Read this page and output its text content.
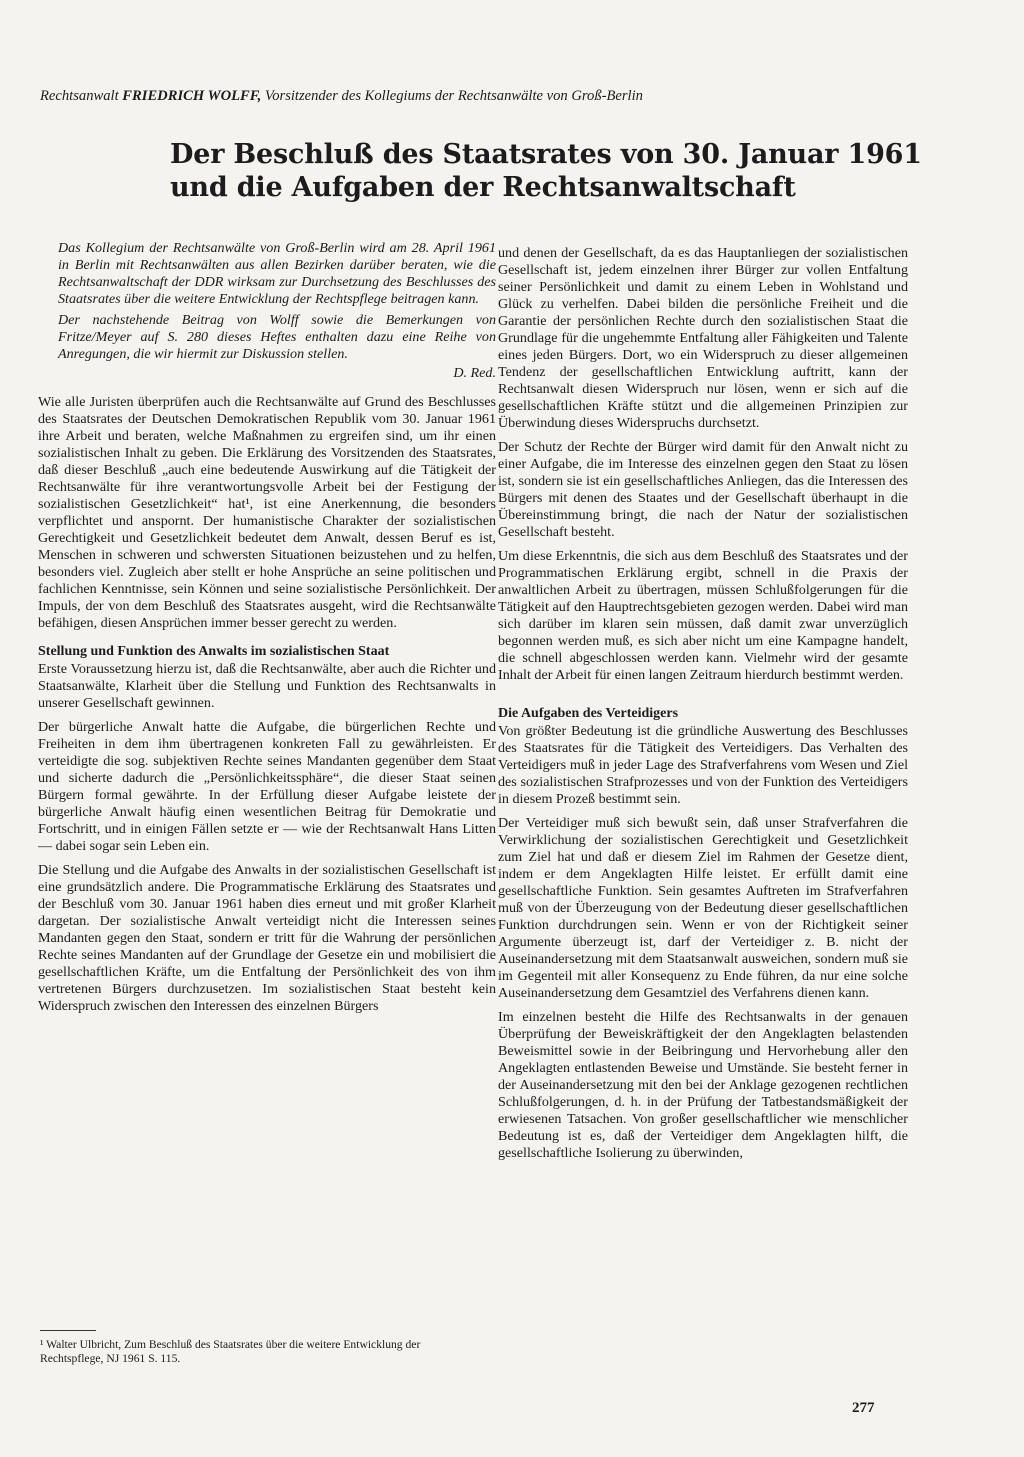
Rechtsanwalt FRIEDRICH WOLFF, Vorsitzender des Kollegiums der Rechtsanwälte von Groß-Berlin
Der Beschluß des Staatsrates von 30. Januar 1961
und die Aufgaben der Rechtsanwaltschaft

Das Kollegium der Rechtsanwälte von Groß-Berlin wird am 28. April 1961 in Berlin mit Rechtsanwälten aus allen Bezirken darüber beraten, wie die Rechtsanwaltschaft der DDR wirksam zur Durchsetzung des Beschlusses des Staatsrates über die weitere Entwicklung der Rechtspflege beitragen kann.

Der nachstehende Beitrag von Wolff sowie die Bemerkungen von Fritze/Meyer auf S. 280 dieses Heftes enthalten dazu eine Reihe von Anregungen, die wir hiermit zur Diskussion stellen.

D. Red.

Wie alle Juristen überprüfen auch die Rechtsanwälte auf Grund des Beschlusses des Staatsrates der Deutschen Demokratischen Republik vom 30. Januar 1961 ihre Arbeit und beraten, welche Maßnahmen zu ergreifen sind, um ihr einen sozialistischen Inhalt zu geben. Die Erklärung des Vorsitzenden des Staatsrates, daß dieser Beschluß „auch eine bedeutende Auswirkung auf die Tätigkeit der Rechtsanwälte für ihre verantwortungsvolle Arbeit bei der Festigung der sozialistischen Gesetzlichkeit“ hat¹, ist eine Anerkennung, die besonders verpflichtet und anspornt. Der humanistische Charakter der sozialistischen Gerechtigkeit und Gesetzlichkeit bedeutet dem Anwalt, dessen Beruf es ist, Menschen in schweren und schwersten Situationen beizustehen und zu helfen, besonders viel. Zugleich aber stellt er hohe Ansprüche an seine politischen und fachlichen Kenntnisse, sein Können und seine sozialistische Persönlichkeit. Der Impuls, der von dem Beschluß des Staatsrates ausgeht, wird die Rechtsanwälte befähigen, diesen Ansprüchen immer besser gerecht zu werden.

Stellung und Funktion des Anwalts im sozialistischen Staat

Erste Voraussetzung hierzu ist, daß die Rechtsanwälte, aber auch die Richter und Staatsanwälte, Klarheit über die Stellung und Funktion des Rechtsanwalts in unserer Gesellschaft gewinnen.

Der bürgerliche Anwalt hatte die Aufgabe, die bürgerlichen Rechte und Freiheiten in dem ihm übertragenen konkreten Fall zu gewährleisten. Er verteidigte die sog. subjektiven Rechte seines Mandanten gegenüber dem Staat und sicherte dadurch die „Persönlichkeitssphäre“, die dieser Staat seinen Bürgern formal gewährte. In der Erfüllung dieser Aufgabe leistete der bürgerliche Anwalt häufig einen wesentlichen Beitrag für Demokratie und Fortschritt, und in einigen Fällen setzte er — wie der Rechtsanwalt Hans Litten — dabei sogar sein Leben ein.

Die Stellung und die Aufgabe des Anwalts in der sozialistischen Gesellschaft ist eine grundsätzlich andere. Die Programmatische Erklärung des Staatsrates und der Beschluß vom 30. Januar 1961 haben dies erneut und mit großer Klarheit dargetan. Der sozialistische Anwalt verteidigt nicht die Interessen seines Mandanten gegen den Staat, sondern er tritt für die Wahrung der persönlichen Rechte seines Mandanten auf der Grundlage der Gesetze ein und mobilisiert die gesellschaftlichen Kräfte, um die Entfaltung der Persönlichkeit des von ihm vertretenen Bürgers durchzusetzen. Im sozialistischen Staat besteht kein Widerspruch zwischen den Interessen des einzelnen Bürgers

und denen der Gesellschaft, da es das Hauptanliegen der sozialistischen Gesellschaft ist, jedem einzelnen ihrer Bürger zur vollen Entfaltung seiner Persönlichkeit und damit zu einem Leben in Wohlstand und Glück zu verhelfen. Dabei bilden die persönliche Freiheit und die Garantie der persönlichen Rechte durch den sozialistischen Staat die Grundlage für die ungehemmte Entfaltung aller Fähigkeiten und Talente eines jeden Bürgers. Dort, wo ein Widerspruch zu dieser allgemeinen Tendenz der gesellschaftlichen Entwicklung auftritt, kann der Rechtsanwalt diesen Widerspruch nur lösen, wenn er sich auf die gesellschaftlichen Kräfte stützt und die allgemeinen Prinzipien zur Überwindung dieses Widerspruchs durchsetzt.

Der Schutz der Rechte der Bürger wird damit für den Anwalt nicht zu einer Aufgabe, die im Interesse des einzelnen gegen den Staat zu lösen ist, sondern sie ist ein gesellschaftliches Anliegen, das die Interessen des Bürgers mit denen des Staates und der Gesellschaft überhaupt in die Übereinstimmung bringt, die nach der Natur der sozialistischen Gesellschaft besteht.

Um diese Erkenntnis, die sich aus dem Beschluß des Staatsrates und der Programmatischen Erklärung ergibt, schnell in die Praxis der anwaltlichen Arbeit zu übertragen, müssen Schlußfolgerungen für die Tätigkeit auf den Hauptrechtsgebieten gezogen werden. Dabei wird man sich darüber im klaren sein müssen, daß damit zwar unverzüglich begonnen werden muß, es sich aber nicht um eine Kampagne handelt, die schnell abgeschlossen werden kann. Vielmehr wird der gesamte Inhalt der Arbeit für einen langen Zeitraum hierdurch bestimmt werden.

Die Aufgaben des Verteidigers

Von größter Bedeutung ist die gründliche Auswertung des Beschlusses des Staatsrates für die Tätigkeit des Verteidigers. Das Verhalten des Verteidigers muß in jeder Lage des Strafverfahrens vom Wesen und Ziel des sozialistischen Strafprozesses und von der Funktion des Verteidigers in diesem Prozeß bestimmt sein.

Der Verteidiger muß sich bewußt sein, daß unser Strafverfahren die Verwirklichung der sozialistischen Gerechtigkeit und Gesetzlichkeit zum Ziel hat und daß er diesem Ziel im Rahmen der Gesetze dient, indem er dem Angeklagten Hilfe leistet. Er erfüllt damit eine gesellschaftliche Funktion. Sein gesamtes Auftreten im Strafverfahren muß von der Überzeugung von der Bedeutung dieser gesellschaftlichen Funktion durchdrungen sein. Wenn er von der Richtigkeit seiner Argumente überzeugt ist, darf der Verteidiger z. B. nicht der Auseinandersetzung mit dem Staatsanwalt ausweichen, sondern muß sie im Gegenteil mit aller Konsequenz zu Ende führen, da nur eine solche Auseinandersetzung dem Gesamtziel des Verfahrens dienen kann.

Im einzelnen besteht die Hilfe des Rechtsanwalts in der genauen Überprüfung der Beweiskräftigkeit der den Angeklagten belastenden Beweismittel sowie in der Beibringung und Hervorhebung aller den Angeklagten entlastenden Beweise und Umstände. Sie besteht ferner in der Auseinandersetzung mit den bei der Anklage gezogenen rechtlichen Schlußfolgerungen, d. h. in der Prüfung der Tatbestandsmäßigkeit der erwiesenen Tatsachen. Von großer gesellschaftlicher wie menschlicher Bedeutung ist es, daß der Verteidiger dem Angeklagten hilft, die gesellschaftliche Isolierung zu überwinden,

¹ Walter Ulbricht, Zum Beschluß des Staatsrates über die weitere Entwicklung der Rechtspflege, NJ 1961 S. 115.
277
